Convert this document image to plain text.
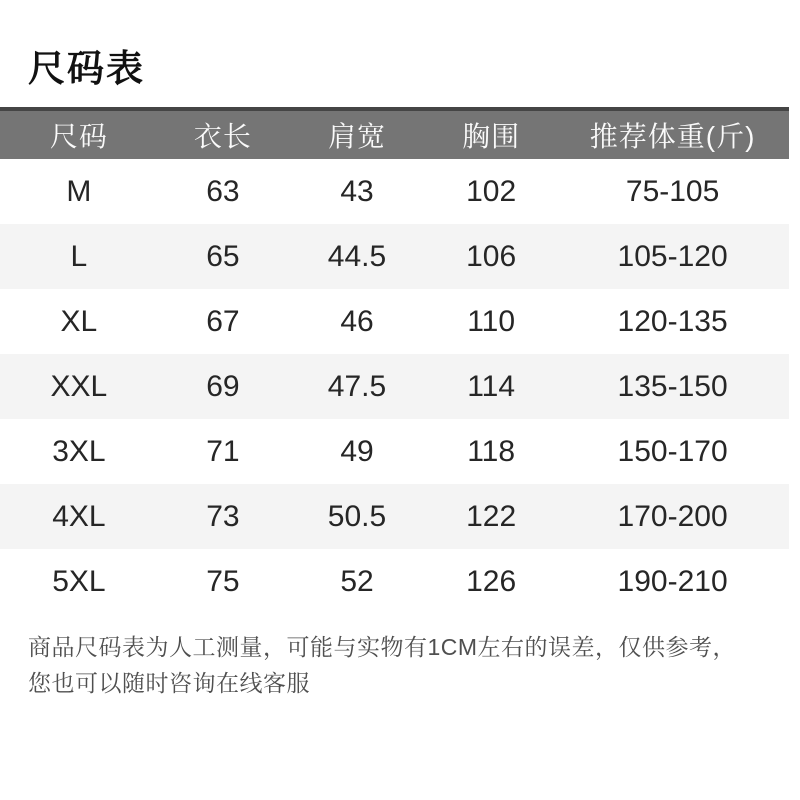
尺码表
尺码	衣长	肩宽	胸围	推荐体重(斤)
M	63	43	102	75-105
L	65	44.5	106	105-120
XL	67	46	110	120-135
XXL	69	47.5	114	135-150
3XL	71	49	118	150-170
4XL	73	50.5	122	170-200
5XL	75	52	126	190-210
商品尺码表为人工测量，可能与实物有1CM左右的误差，仅供参考，您也可以随时咨询在线客服
